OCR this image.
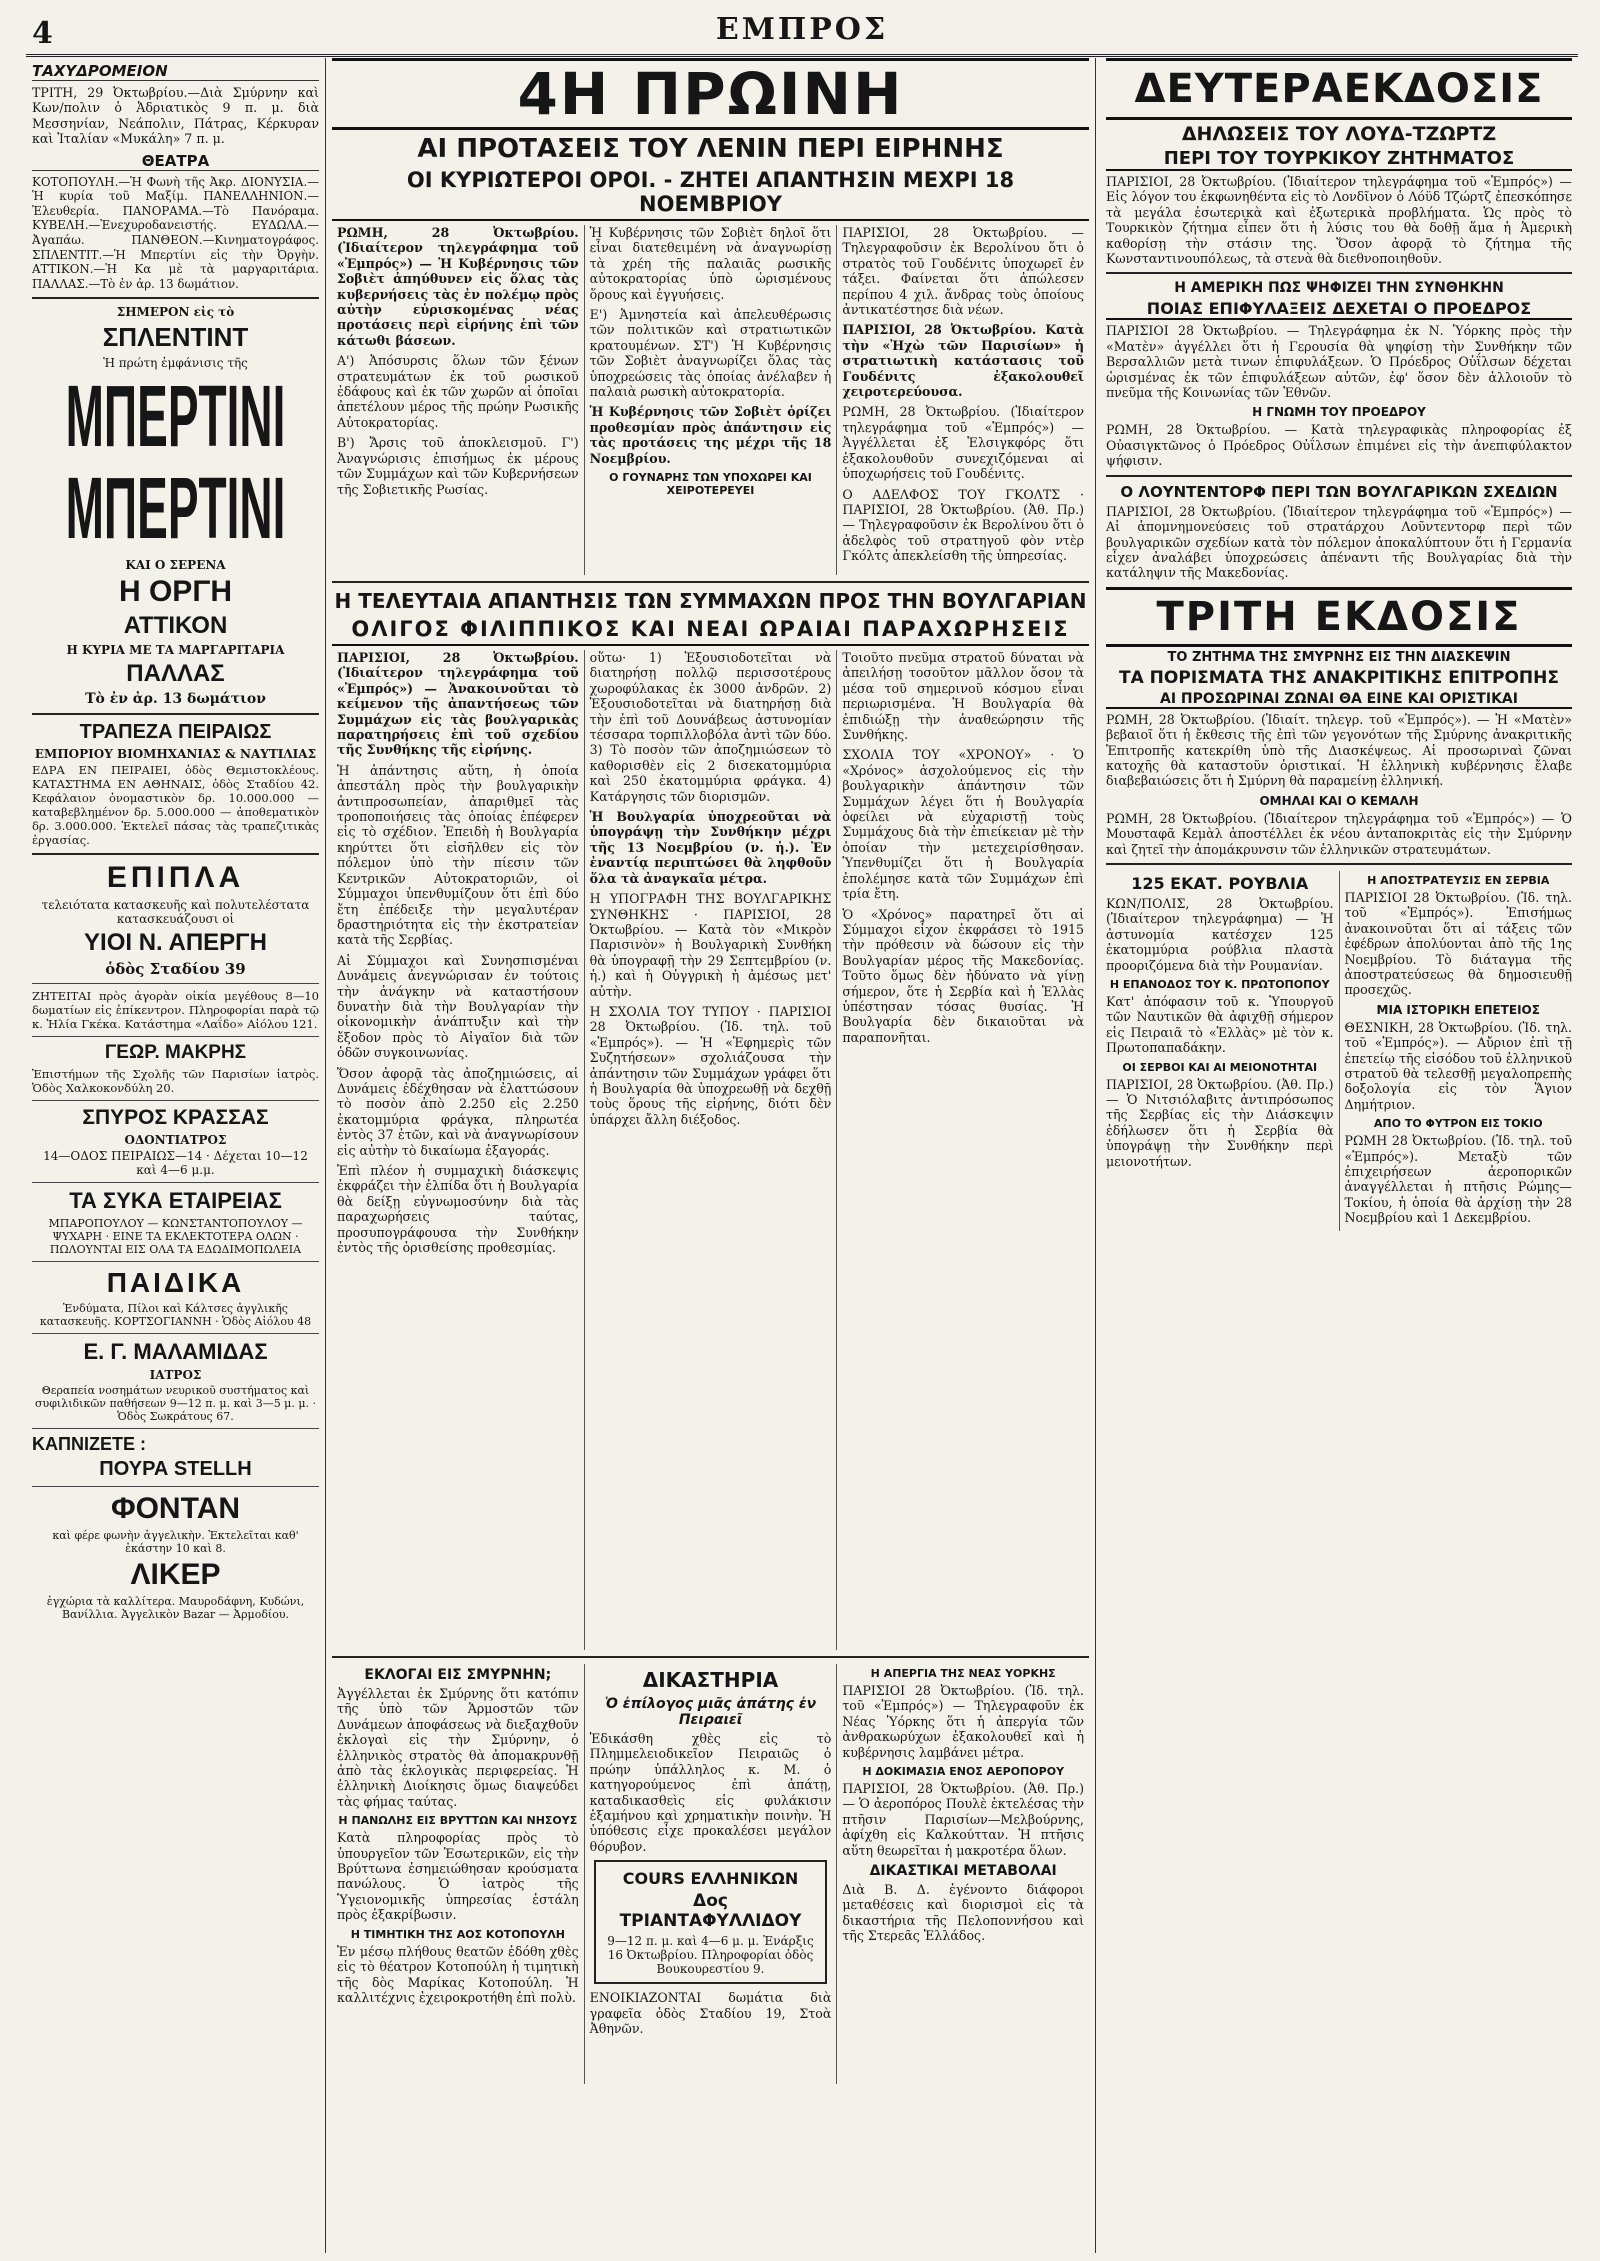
4	ΕΜΠΡΟΣ
ΤΑΧΥΔΡΟΜΕΙΟΝ

ΤΡΙΤΗ, 29 Ὀκτωβρίου.—Διὰ Σμύρνην καὶ Κων/πολιν ὁ Ἀδριατικὸς 9 π. μ. διὰ Μεσσηνίαν, Νεάπολιν, Πάτρας, Κέρκυραν καὶ Ἰταλίαν «Μυκάλη» 7 π. μ.

ΘΕΑΤΡΑ

ΚΟΤΟΠΟΥΛΗ.—Ἡ Φωνὴ τῆς Ἀκρ. ΔΙΟΝΥΣΙΑ.—Ἡ κυρία τοῦ Μαξίμ. ΠΑΝΕΛΛΗΝΙΟΝ.—Ἐλευθερία. ΠΑΝΟΡΑΜΑ.—Τὸ Πανόραμα. ΚΥΒΕΛΗ.—Ἐνεχυροδανειστής. ΕΥΔΩΛΑ.—Ἀγαπάω. ΠΑΝΘΕΟΝ.—Κινηματογράφος. ΣΠΛΕΝΤΙΤ.—Ἡ Μπερτίνι εἰς τὴν Ὀργὴν. ΑΤΤΙΚΟΝ.—Ἡ Κα μὲ τὰ μαργαριτάρια. ΠΑΛΛΑΣ.—Τὸ ἐν ἀρ. 13 δωμάτιον.

ΣΗΜΕΡΟΝ εἰς τὸ
ΣΠΛΕΝΤΙΝΤ
Ἡ πρώτη ἐμφάνισις τῆς
ΜΠΕΡΤΙΝΙ
ΜΠΕΡΤΙΝΙ
ΚΑΙ Ο ΣΕΡΕΝΑ
Η ΟΡΓΗ
ΑΤΤΙΚΟΝ
Η ΚΥΡΙΑ ΜΕ ΤΑ ΜΑΡΓΑΡΙΤΑΡΙΑ
ΠΑΛΛΑΣ
Τὸ ἐν ἀρ. 13 δωμάτιον
ΤΡΑΠΕΖΑ ΠΕΙΡΑΙΩΣ
ΕΜΠΟΡΙΟΥ ΒΙΟΜΗΧΑΝΙΑΣ & ΝΑΥΤΙΛΙΑΣ

ΕΔΡΑ ΕΝ ΠΕΙΡΑΙΕΙ, ὁδὸς Θεμιστοκλέους. ΚΑΤΑΣΤΗΜΑ ΕΝ ΑΘΗΝΑΙΣ, ὁδὸς Σταδίου 42. Κεφάλαιον ὀνομαστικὸν δρ. 10.000.000 — καταβεβλημένον δρ. 5.000.000 — ἀποθεματικὸν δρ. 3.000.000. Ἐκτελεῖ πάσας τὰς τραπεζιτικὰς ἐργασίας.

ΕΠΙΠΛΑ
τελειότατα κατασκευῆς καὶ πολυτελέστατα κατασκευάζουσι οἱ
ΥΙΟΙ Ν. ΑΠΕΡΓΗ
ὁδὸς Σταδίου 39

ΖΗΤΕΙΤΑΙ πρὸς ἀγορὰν οἰκία μεγέθους 8—10 δωματίων εἰς ἐπίκεντρον. Πληροφορίαι παρὰ τῷ κ. Ἠλία Γκέκα. Κατάστημα «Λαΐδο» Αἰόλου 121.

ΓΕΩΡ. ΜΑΚΡΗΣ

Ἐπιστήμων τῆς Σχολῆς τῶν Παρισίων ἰατρὸς. Ὁδὸς Χαλκοκονδύλη 20.

ΣΠΥΡΟΣ ΚΡΑΣΣΑΣ
ΟΔΟΝΤΙΑΤΡΟΣ
14—ΟΔΟΣ ΠΕΙΡΑΙΩΣ—14 · Δέχεται 10—12 καὶ 4—6 μ.μ.
ΤΑ ΣΥΚΑ ΕΤΑΙΡΕΙΑΣ
ΜΠΑΡΟΠΟΥΛΟΥ — ΚΩΝΣΤΑΝΤΟΠΟΥΛΟΥ — ΨΥΧΑΡΗ · ΕΙΝΕ ΤΑ ΕΚΛΕΚΤΟΤΕΡΑ ΟΛΩΝ · ΠΩΛΟΥΝΤΑΙ ΕΙΣ ΟΛΑ ΤΑ ΕΔΩΔΙΜΟΠΩΛΕΙΑ
ΠΑΙΔΙΚΑ
Ἐνδύματα, Πίλοι καὶ Κάλτσες ἀγγλικῆς κατασκευῆς. ΚΟΡΤΣΟΓΙΑΝΝΗ · Ὁδὸς Αἰόλου 48
Ε. Γ. ΜΑΛΑΜΙΔΑΣ
ΙΑΤΡΟΣ
Θεραπεία νοσημάτων νευρικοῦ συστήματος καὶ συφιλιδικῶν παθήσεων 9—12 π. μ. καὶ 3—5 μ. μ. · Ὁδὸς Σωκράτους 67.
ΚΑΠΝΙΖΕΤΕ :
ΠΟΥΡΑ STELLH
ΦΟΝΤΑΝ
καὶ φέρε φωνὴν ἀγγελικὴν. Ἐκτελεῖται καθ' ἑκάστην 10 καὶ 8.
ΛΙΚΕΡ
ἐγχώρια τὰ καλλίτερα. Μαυροδάφνη, Κυδώνι, Βανίλλια. Ἀγγελικὸν Bazar — Ἀρμοδίου.
4Η ΠΡΩΙΝΗ
ΑΙ ΠΡΟΤΑΣΕΙΣ ΤΟΥ ΛΕΝΙΝ ΠΕΡΙ ΕΙΡΗΝΗΣ
ΟΙ ΚΥΡΙΩΤΕΡΟΙ ΟΡΟΙ. - ΖΗΤΕΙ ΑΠΑΝΤΗΣΙΝ ΜΕΧΡΙ 18 ΝΟΕΜΒΡΙΟΥ

ΡΩΜΗ, 28 Ὀκτωβρίου. (Ἰδιαίτερον τηλεγράφημα τοῦ «Ἐμπρός») — Ἡ Κυβέρνησις τῶν Σοβιὲτ ἀπηύθυνεν εἰς ὅλας τὰς κυβερνήσεις τὰς ἐν πολέμῳ πρὸς αὐτὴν εὑρισκομένας νέας προτάσεις περὶ εἰρήνης ἐπὶ τῶν κάτωθι βάσεων.

Α') Ἀπόσυρσις ὅλων τῶν ξένων στρατευμάτων ἐκ τοῦ ρωσικοῦ ἐδάφους καὶ ἐκ τῶν χωρῶν αἱ ὁποῖαι ἀπετέλουν μέρος τῆς πρώην Ρωσικῆς Αὐτοκρατορίας.

Β') Ἄρσις τοῦ ἀποκλεισμοῦ. Γ') Ἀναγνώρισις ἐπισήμως ἐκ μέρους τῶν Συμμάχων καὶ τῶν Κυβερνήσεων τῆς Σοβιετικῆς Ρωσίας.

Ἡ Κυβέρνησις τῶν Σοβιὲτ δηλοῖ ὅτι εἶναι διατεθειμένη νὰ ἀναγνωρίσῃ τὰ χρέη τῆς παλαιᾶς ρωσικῆς αὐτοκρατορίας ὑπὸ ὡρισμένους ὅρους καὶ ἐγγυήσεις.

Ε') Ἀμνηστεία καὶ ἀπελευθέρωσις τῶν πολιτικῶν καὶ στρατιωτικῶν κρατουμένων. ΣΤ') Ἡ Κυβέρνησις τῶν Σοβιὲτ ἀναγνωρίζει ὅλας τὰς ὑποχρεώσεις τὰς ὁποίας ἀνέλαβεν ἡ παλαιὰ ρωσικὴ αὐτοκρατορία.

Ἡ Κυβέρνησις τῶν Σοβιὲτ ὁρίζει προθεσμίαν πρὸς ἀπάντησιν εἰς τὰς προτάσεις της μέχρι τῆς 18 Νοεμβρίου.

Ο ΓΟΥΝΑΡΗΣ ΤΩΝ ΥΠΟΧΩΡΕΙ ΚΑΙ ΧΕΙΡΟΤΕΡΕΥΕΙ

ΠΑΡΙΣΙΟΙ, 28 Ὀκτωβρίου. — Τηλεγραφοῦσιν ἐκ Βερολίνου ὅτι ὁ στρατὸς τοῦ Γουδένιτς ὑποχωρεῖ ἐν τάξει. Φαίνεται ὅτι ἀπώλεσεν περίπου 4 χιλ. ἄνδρας τοὺς ὁποίους ἀντικατέστησε διὰ νέων.

ΠΑΡΙΣΙΟΙ, 28 Ὀκτωβρίου. Κατὰ τὴν «Ἠχὼ τῶν Παρισίων» ἡ στρατιωτικὴ κατάστασις τοῦ Γουδένιτς ἐξακολουθεῖ χειροτερεύουσα.

ΡΩΜΗ, 28 Ὀκτωβρίου. (Ἰδιαίτερον τηλεγράφημα τοῦ «Ἐμπρός») — Ἀγγέλλεται ἐξ Ἑλσιγκφόρς ὅτι ἐξακολουθοῦν συνεχιζόμεναι αἱ ὑποχωρήσεις τοῦ Γουδένιτς.

Ο ΑΔΕΛΦΟΣ ΤΟΥ ΓΚΟΛΤΣ · ΠΑΡΙΣΙΟΙ, 28 Ὀκτωβρίου. (Ἀθ. Πρ.) — Τηλεγραφοῦσιν ἐκ Βερολίνου ὅτι ὁ ἀδελφὸς τοῦ στρατηγοῦ φὸν ντὲρ Γκόλτς ἀπεκλείσθη τῆς ὑπηρεσίας.

Η ΤΕΛΕΥΤΑΙΑ ΑΠΑΝΤΗΣΙΣ ΤΩΝ ΣΥΜΜΑΧΩΝ ΠΡΟΣ ΤΗΝ ΒΟΥΛΓΑΡΙΑΝ
ΟΛΙΓΟΣ ΦΙΛΙΠΠΙΚΟΣ ΚΑΙ ΝΕΑΙ ΩΡΑΙΑΙ ΠΑΡΑΧΩΡΗΣΕΙΣ

ΠΑΡΙΣΙΟΙ, 28 Ὀκτωβρίου. (Ἰδιαίτερον τηλεγράφημα τοῦ «Ἐμπρός») — Ἀνακοινοῦται τὸ κείμενον τῆς ἀπαντήσεως τῶν Συμμάχων εἰς τὰς βουλγαρικὰς παρατηρήσεις ἐπὶ τοῦ σχεδίου τῆς Συνθήκης τῆς εἰρήνης.

Ἡ ἀπάντησις αὕτη, ἡ ὁποία ἀπεστάλη πρὸς τὴν βουλγαρικὴν ἀντιπροσωπείαν, ἀπαριθμεῖ τὰς τροποποιήσεις τὰς ὁποίας ἐπέφερεν εἰς τὸ σχέδιον. Ἐπειδὴ ἡ Βουλγαρία κηρύττει ὅτι εἰσῆλθεν εἰς τὸν πόλεμον ὑπὸ τὴν πίεσιν τῶν Κεντρικῶν Αὐτοκρατοριῶν, οἱ Σύμμαχοι ὑπενθυμίζουν ὅτι ἐπὶ δύο ἔτη ἐπέδειξε τὴν μεγαλυτέραν δραστηριότητα εἰς τὴν ἐκστρατείαν κατὰ τῆς Σερβίας.

Αἱ Σύμμαχοι καὶ Συνησπισμέναι Δυνάμεις ἀνεγνώρισαν ἐν τούτοις τὴν ἀνάγκην νὰ καταστήσουν δυνατὴν διὰ τὴν Βουλγαρίαν τὴν οἰκονομικὴν ἀνάπτυξιν καὶ τὴν ἔξοδον πρὸς τὸ Αἰγαῖον διὰ τῶν ὁδῶν συγκοινωνίας.

Ὅσον ἀφορᾷ τὰς ἀποζημιώσεις, αἱ Δυνάμεις ἐδέχθησαν νὰ ἐλαττώσουν τὸ ποσὸν ἀπὸ 2.250 εἰς 2.250 ἑκατομμύρια φράγκα, πληρωτέα ἐντὸς 37 ἐτῶν, καὶ νὰ ἀναγνωρίσουν εἰς αὐτὴν τὸ δικαίωμα ἐξαγοράς.

Ἐπὶ πλέον ἡ συμμαχικὴ διάσκεψις ἐκφράζει τὴν ἐλπίδα ὅτι ἡ Βουλγαρία θὰ δείξῃ εὐγνωμοσύνην διὰ τὰς παραχωρήσεις ταύτας, προσυπογράφουσα τὴν Συνθήκην ἐντὸς τῆς ὁρισθείσης προθεσμίας.

οὕτω· 1) Ἐξουσιοδοτεῖται νὰ διατηρήσῃ πολλῷ περισσοτέρους χωροφύλακας ἐκ 3000 ἀνδρῶν. 2) Ἐξουσιοδοτεῖται νὰ διατηρήσῃ διὰ τὴν ἐπὶ τοῦ Δουνάβεως ἀστυνομίαν τέσσαρα τορπιλλοβόλα ἀντὶ τῶν δύο. 3) Τὸ ποσὸν τῶν ἀποζημιώσεων τὸ καθορισθὲν εἰς 2 δισεκατομμύρια καὶ 250 ἑκατομμύρια φράγκα. 4) Κατάργησις τῶν διορισμῶν.

Ἡ Βουλγαρία ὑποχρεοῦται νὰ ὑπογράψῃ τὴν Συνθήκην μέχρι τῆς 13 Νοεμβρίου (ν. ἡ.). Ἐν ἐναντίᾳ περιπτώσει θὰ ληφθοῦν ὅλα τὰ ἀναγκαῖα μέτρα.

Η ΥΠΟΓΡΑΦΗ ΤΗΣ ΒΟΥΛΓΑΡΙΚΗΣ ΣΥΝΘΗΚΗΣ · ΠΑΡΙΣΙΟΙ, 28 Ὀκτωβρίου. — Κατὰ τὸν «Μικρὸν Παρισινὸν» ἡ Βουλγαρικὴ Συνθήκη θὰ ὑπογραφῇ τὴν 29 Σεπτεμβρίου (ν. ἡ.) καὶ ἡ Οὑγγρικὴ ἡ ἀμέσως μετ' αὐτὴν.

Η ΣΧΟΛΙΑ ΤΟΥ ΤΥΠΟΥ · ΠΑΡΙΣΙΟΙ 28 Ὀκτωβρίου. (Ἰδ. τηλ. τοῦ «Ἐμπρός»). — Ἡ «Ἐφημερὶς τῶν Συζητήσεων» σχολιάζουσα τὴν ἀπάντησιν τῶν Συμμάχων γράφει ὅτι ἡ Βουλγαρία θὰ ὑποχρεωθῇ νὰ δεχθῇ τοὺς ὅρους τῆς εἰρήνης, διότι δὲν ὑπάρχει ἄλλη διέξοδος.

Τοιοῦτο πνεῦμα στρατοῦ δύναται νὰ ἀπειλήσῃ τοσοῦτον μᾶλλον ὅσον τὰ μέσα τοῦ σημερινοῦ κόσμου εἶναι περιωρισμένα. Ἡ Βουλγαρία θὰ ἐπιδιώξῃ τὴν ἀναθεώρησιν τῆς Συνθήκης.

ΣΧΟΛΙΑ ΤΟΥ «ΧΡΟΝΟΥ» · Ὁ «Χρόνος» ἀσχολούμενος εἰς τὴν βουλγαρικὴν ἀπάντησιν τῶν Συμμάχων λέγει ὅτι ἡ Βουλγαρία ὀφείλει νὰ εὐχαριστῇ τοὺς Συμμάχους διὰ τὴν ἐπιείκειαν μὲ τὴν ὁποίαν τὴν μετεχειρίσθησαν. Ὑπενθυμίζει ὅτι ἡ Βουλγαρία ἐπολέμησε κατὰ τῶν Συμμάχων ἐπὶ τρία ἔτη.

Ὁ «Χρόνος» παρατηρεῖ ὅτι αἱ Σύμμαχοι εἶχον ἐκφράσει τὸ 1915 τὴν πρόθεσιν νὰ δώσουν εἰς τὴν Βουλγαρίαν μέρος τῆς Μακεδονίας. Τοῦτο ὅμως δὲν ἠδύνατο νὰ γίνῃ σήμερον, ὅτε ἡ Σερβία καὶ ἡ Ἑλλὰς ὑπέστησαν τόσας θυσίας. Ἡ Βουλγαρία δὲν δικαιοῦται νὰ παραπονῆται.

ΕΚΛΟΓΑΙ ΕΙΣ ΣΜΥΡΝΗΝ;

Ἀγγέλλεται ἐκ Σμύρνης ὅτι κατόπιν τῆς ὑπὸ τῶν Ἁρμοστῶν τῶν Δυνάμεων ἀποφάσεως νὰ διεξαχθοῦν ἐκλογαὶ εἰς τὴν Σμύρνην, ὁ ἑλληνικὸς στρατὸς θὰ ἀπομακρυνθῇ ἀπὸ τὰς ἐκλογικὰς περιφερείας. Ἡ ἑλληνικὴ Διοίκησις ὅμως διαψεύδει τὰς φήμας ταύτας.

Η ΠΑΝΩΛΗΣ ΕΙΣ ΒΡΥΤΤΩΝ ΚΑΙ ΝΗΣΟΥΣ

Κατὰ πληροφορίας πρὸς τὸ ὑπουργεῖον τῶν Ἐσωτερικῶν, εἰς τὴν Βρύττωνα ἐσημειώθησαν κρούσματα πανώλους. Ὁ ἰατρὸς τῆς Ὑγειονομικῆς ὑπηρεσίας ἐστάλη πρὸς ἐξακρίβωσιν.

Η ΤΙΜΗΤΙΚΗ ΤΗΣ ΑΟΣ ΚΟΤΟΠΟΥΛΗ

Ἐν μέσῳ πλήθους θεατῶν ἐδόθη χθὲς εἰς τὸ θέατρον Κοτοπούλη ἡ τιμητικὴ τῆς δὸς Μαρίκας Κοτοπούλη. Ἡ καλλιτέχνις ἐχειροκροτήθη ἐπὶ πολὺ.

ΔΙΚΑΣΤΗΡΙΑ
Ὁ ἐπίλογος μιᾶς ἀπάτης ἐν Πειραιεῖ

Ἐδικάσθη χθὲς εἰς τὸ Πλημμελειοδικεῖον Πειραιῶς ὁ πρώην ὑπάλληλος κ. Μ. ὁ κατηγορούμενος ἐπὶ ἀπάτῃ, καταδικασθεὶς εἰς φυλάκισιν ἑξαμήνου καὶ χρηματικὴν ποινὴν. Ἡ ὑπόθεσις εἶχε προκαλέσει μεγάλον θόρυβον.

COURS ΕΛΛΗΝΙΚΩΝ
Δος ΤΡΙΑΝΤΑΦΥΛΛΙΔΟΥ
9—12 π. μ. καὶ 4—6 μ. μ. Ἐνάρξις 16 Ὀκτωβρίου. Πληροφορίαι ὁδὸς Βουκουρεστίου 9.

ΕΝΟΙΚΙΑΖΟΝΤΑΙ δωμάτια διὰ γραφεῖα ὁδὸς Σταδίου 19, Στοὰ Ἀθηνῶν.

Η ΑΠΕΡΓΙΑ ΤΗΣ ΝΕΑΣ ΥΟΡΚΗΣ

ΠΑΡΙΣΙΟΙ 28 Ὀκτωβρίου. (Ἰδ. τηλ. τοῦ «Ἐμπρός») — Τηλεγραφοῦν ἐκ Νέας Ὑόρκης ὅτι ἡ ἀπεργία τῶν ἀνθρακωρύχων ἐξακολουθεῖ καὶ ἡ κυβέρνησις λαμβάνει μέτρα.

Η ΔΟΚΙΜΑΣΙΑ ΕΝΟΣ ΑΕΡΟΠΟΡΟΥ

ΠΑΡΙΣΙΟΙ, 28 Ὀκτωβρίου. (Ἀθ. Πρ.) — Ὁ ἀεροπόρος Πουλὲ ἐκτελέσας τὴν πτῆσιν Παρισίων—Μελβούρνης, ἀφίχθη εἰς Καλκούτταν. Ἡ πτῆσις αὕτη θεωρεῖται ἡ μακροτέρα ὅλων.

ΔΙΚΑΣΤΙΚΑΙ ΜΕΤΑΒΟΛΑΙ

Διὰ Β. Δ. ἐγένοντο διάφοροι μεταθέσεις καὶ διορισμοὶ εἰς τὰ δικαστήρια τῆς Πελοποννήσου καὶ τῆς Στερεᾶς Ἑλλάδος.

ΔΕΥΤΕΡΑΕΚΔΟΣΙΣ
ΔΗΛΩΣΕΙΣ ΤΟΥ ΛΟΥΔ-ΤΖΩΡΤΖ
ΠΕΡΙ ΤΟΥ ΤΟΥΡΚΙΚΟΥ ΖΗΤΗΜΑΤΟΣ

ΠΑΡΙΣΙΟΙ, 28 Ὀκτωβρίου. (Ἰδιαίτερον τηλεγράφημα τοῦ «Ἐμπρός») — Εἰς λόγον του ἐκφωνηθέντα εἰς τὸ Λονδῖνον ὁ Λόϋδ Τζώρτζ ἐπεσκόπησε τὰ μεγάλα ἐσωτερικὰ καὶ ἐξωτερικὰ προβλήματα. Ὡς πρὸς τὸ Τουρκικὸν ζήτημα εἶπεν ὅτι ἡ λύσις του θὰ δοθῇ ἅμα ἡ Ἀμερικὴ καθορίσῃ τὴν στάσιν της. Ὅσον ἀφορᾷ τὸ ζήτημα τῆς Κωνσταντινουπόλεως, τὰ στενὰ θὰ διεθνοποιηθοῦν.

Η ΑΜΕΡΙΚΗ ΠΩΣ ΨΗΦΙΖΕΙ ΤΗΝ ΣΥΝΘΗΚΗΝ
ΠΟΙΑΣ ΕΠΙΦΥΛΑΞΕΙΣ ΔΕΧΕΤΑΙ Ο ΠΡΟΕΔΡΟΣ

ΠΑΡΙΣΙΟΙ 28 Ὀκτωβρίου. — Τηλεγράφημα ἐκ Ν. Ὑόρκης πρὸς τὴν «Ματὲν» ἀγγέλλει ὅτι ἡ Γερουσία θὰ ψηφίσῃ τὴν Συνθήκην τῶν Βερσαλλιῶν μετὰ τινων ἐπιφυλάξεων. Ὁ Πρόεδρος Οὐΐλσων δέχεται ὡρισμένας ἐκ τῶν ἐπιφυλάξεων αὐτῶν, ἐφ' ὅσον δὲν ἀλλοιοῦν τὸ πνεῦμα τῆς Κοινωνίας τῶν Ἐθνῶν.

Η ΓΝΩΜΗ ΤΟΥ ΠΡΟΕΔΡΟΥ

ΡΩΜΗ, 28 Ὀκτωβρίου. — Κατὰ τηλεγραφικὰς πληροφορίας ἐξ Οὐασιγκτῶνος ὁ Πρόεδρος Οὐΐλσων ἐπιμένει εἰς τὴν ἀνεπιφύλακτον ψήφισιν.

Ο ΛΟΥΝΤΕΝΤΟΡΦ ΠΕΡΙ ΤΩΝ ΒΟΥΛΓΑΡΙΚΩΝ ΣΧΕΔΙΩΝ

ΠΑΡΙΣΙΟΙ, 28 Ὀκτωβρίου. (Ἰδιαίτερον τηλεγράφημα τοῦ «Ἐμπρός») — Αἱ ἀπομνημονεύσεις τοῦ στρατάρχου Λοῦντεντορφ περὶ τῶν βουλγαρικῶν σχεδίων κατὰ τὸν πόλεμον ἀποκαλύπτουν ὅτι ἡ Γερμανία εἶχεν ἀναλάβει ὑποχρεώσεις ἀπέναντι τῆς Βουλγαρίας διὰ τὴν κατάληψιν τῆς Μακεδονίας.

ΤΡΙΤΗ ΕΚΔΟΣΙΣ
ΤΟ ΖΗΤΗΜΑ ΤΗΣ ΣΜΥΡΝΗΣ ΕΙΣ ΤΗΝ ΔΙΑΣΚΕΨΙΝ
ΤΑ ΠΟΡΙΣΜΑΤΑ ΤΗΣ ΑΝΑΚΡΙΤΙΚΗΣ ΕΠΙΤΡΟΠΗΣ
ΑΙ ΠΡΟΣΩΡΙΝΑΙ ΖΩΝΑΙ ΘΑ ΕΙΝΕ ΚΑΙ ΟΡΙΣΤΙΚΑΙ

ΡΩΜΗ, 28 Ὀκτωβρίου. (Ἰδιαίτ. τηλεγρ. τοῦ «Ἐμπρός»). — Ἡ «Ματὲν» βεβαιοῖ ὅτι ἡ ἔκθεσις τῆς ἐπὶ τῶν γεγονότων τῆς Σμύρνης ἀνακριτικῆς Ἐπιτροπῆς κατεκρίθη ὑπὸ τῆς Διασκέψεως. Αἱ προσωριναὶ ζῶναι κατοχῆς θὰ καταστοῦν ὁριστικαί. Ἡ ἑλληνικὴ κυβέρνησις ἔλαβε διαβεβαιώσεις ὅτι ἡ Σμύρνη θὰ παραμείνῃ ἑλληνική.

ΟΜΗΛΑΙ ΚΑΙ Ο ΚΕΜΑΛΗ

ΡΩΜΗ, 28 Ὀκτωβρίου. (Ἰδιαίτερον τηλεγράφημα τοῦ «Ἐμπρός») — Ὁ Μουσταφᾶ Κεμὰλ ἀποστέλλει ἐκ νέου ἀνταποκριτὰς εἰς τὴν Σμύρνην καὶ ζητεῖ τὴν ἀπομάκρυνσιν τῶν ἑλληνικῶν στρατευμάτων.

125 ΕΚΑΤ. ΡΟΥΒΛΙΑ

ΚΩΝ/ΠΟΛΙΣ, 28 Ὀκτωβρίου. (Ἰδιαίτερον τηλεγράφημα) — Ἡ ἀστυνομία κατέσχεν 125 ἑκατομμύρια ρούβλια πλαστὰ προοριζόμενα διὰ τὴν Ρουμανίαν.

Η ΕΠΑΝΟΔΟΣ ΤΟΥ Κ. ΠΡΩΤΟΠΟΠΟΥ

Κατ' ἀπόφασιν τοῦ κ. Ὑπουργοῦ τῶν Ναυτικῶν θὰ ἀφιχθῇ σήμερον εἰς Πειραιᾶ τὸ «Ἑλλὰς» μὲ τὸν κ. Πρωτοπαπαδάκην.

ΟΙ ΣΕΡΒΟΙ ΚΑΙ ΑΙ ΜΕΙΟΝΟΤΗΤΑΙ

ΠΑΡΙΣΙΟΙ, 28 Ὀκτωβρίου. (Ἀθ. Πρ.) — Ὁ Νιτσιόλαβιτς ἀντιπρόσωπος τῆς Σερβίας εἰς τὴν Διάσκεψιν ἐδήλωσεν ὅτι ἡ Σερβία θὰ ὑπογράψῃ τὴν Συνθήκην περὶ μειονοτήτων.

Η ΑΠΟΣΤΡΑΤΕΥΣΙΣ ΕΝ ΣΕΡΒΙΑ

ΠΑΡΙΣΙΟΙ 28 Ὀκτωβρίου. (Ἰδ. τηλ. τοῦ «Ἐμπρός»). Ἐπισήμως ἀνακοινοῦται ὅτι αἱ τάξεις τῶν ἐφέδρων ἀπολύονται ἀπὸ τῆς 1ης Νοεμβρίου. Τὸ διάταγμα τῆς ἀποστρατεύσεως θὰ δημοσιευθῇ προσεχῶς.

ΜΙΑ ΙΣΤΟΡΙΚΗ ΕΠΕΤΕΙΟΣ

ΘΕΣΝΙΚΗ, 28 Ὀκτωβρίου. (Ἰδ. τηλ. τοῦ «Ἐμπρός»). — Αὔριον ἐπὶ τῇ ἐπετείῳ τῆς εἰσόδου τοῦ ἑλληνικοῦ στρατοῦ θὰ τελεσθῇ μεγαλοπρεπὴς δοξολογία εἰς τὸν Ἅγιον Δημήτριον.

ΑΠΟ ΤΟ ΦΥΤΡΟΝ ΕΙΣ ΤΟΚΙΟ

ΡΩΜΗ 28 Ὀκτωβρίου. (Ἰδ. τηλ. τοῦ «Ἐμπρός»). Μεταξὺ τῶν ἐπιχειρήσεων ἀεροπορικῶν ἀναγγέλλεται ἡ πτῆσις Ρώμης—Τοκίου, ἡ ὁποία θὰ ἀρχίσῃ τὴν 28 Νοεμβρίου καὶ 1 Δεκεμβρίου.
